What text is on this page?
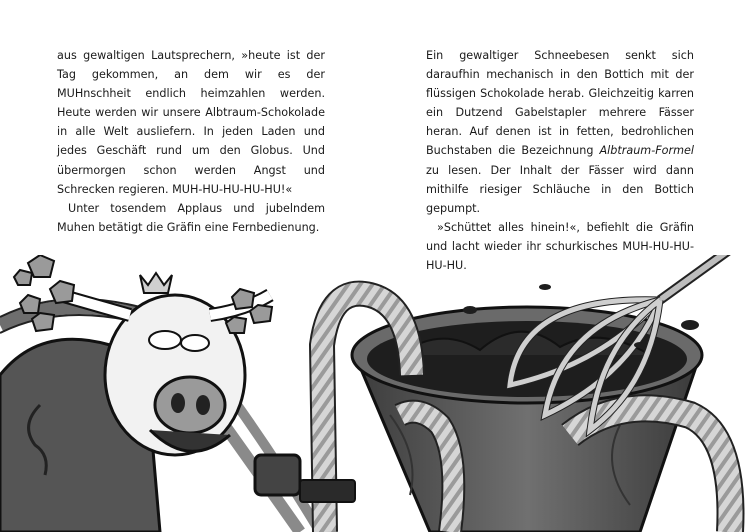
aus gewaltigen Lautsprechern, »heute ist der Tag gekommen, an dem wir es der MUHnschheit endlich heimzahlen werden. Heute werden wir unsere Albtraum-Schokolade in alle Welt ausliefern. In jeden Laden und jedes Geschäft rund um den Globus. Und übermorgen schon werden Angst und Schrecken regieren. MUH-HU-HU-HU-HU!«

Unter tosendem Applaus und jubelndem Muhen betätigt die Gräfin eine Fernbedienung.

Ein gewaltiger Schneebesen senkt sich daraufhin mechanisch in den Bottich mit der flüssigen Schokolade herab. Gleichzeitig karren ein Dutzend Gabelstapler mehrere Fässer heran. Auf denen ist in fetten, bedrohlichen Buchstaben die Bezeichnung Albtraum-Formel zu lesen. Der Inhalt der Fässer wird dann mithilfe riesiger Schläuche in den Bottich gepumpt.

»Schüttet alles hinein!«, befiehlt die Gräfin und lacht wieder ihr schurkisches MUH-HU-HU-HU-HU.
